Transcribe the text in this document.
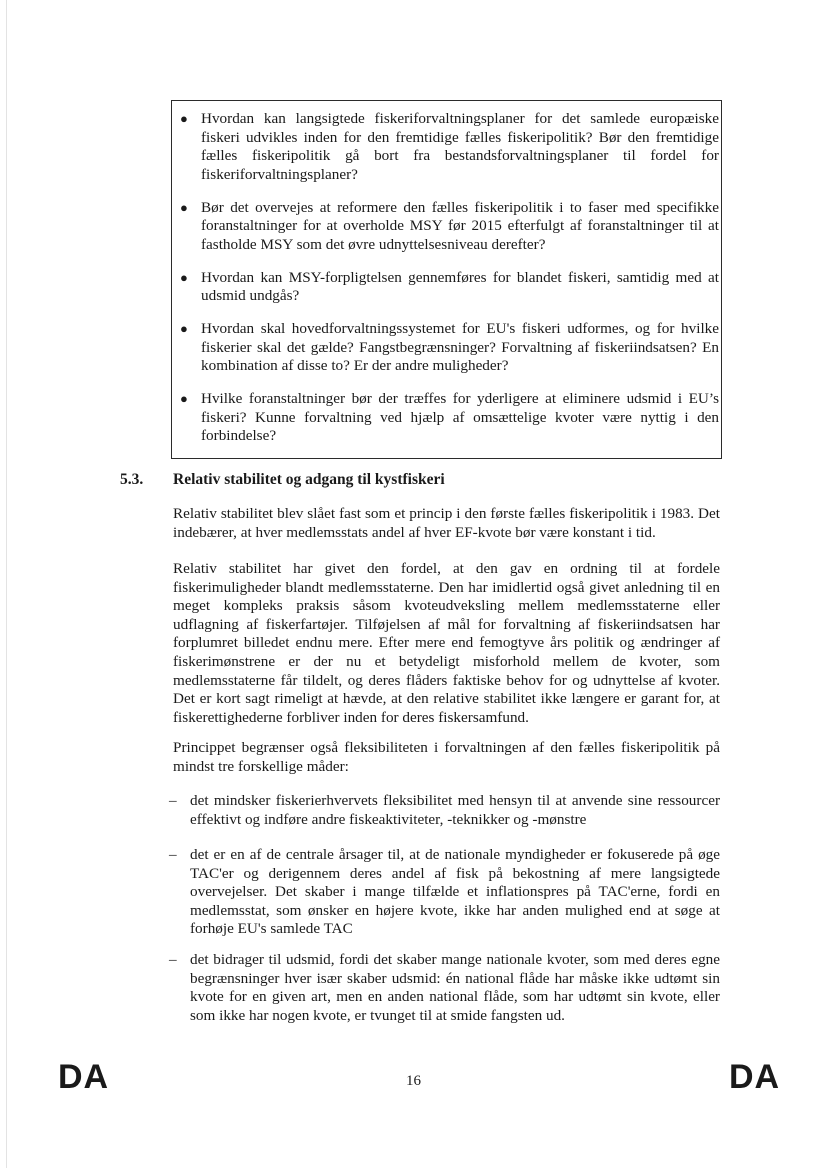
● Hvordan kan langsigtede fiskeriforvaltningsplaner for det samlede europæiske fiskeri udvikles inden for den fremtidige fælles fiskeripolitik? Bør den fremtidige fælles fiskeripolitik gå bort fra bestandsforvaltningsplaner til fordel for fiskeriforvaltningsplaner?
● Bør det overvejes at reformere den fælles fiskeripolitik i to faser med specifikke foranstaltninger for at overholde MSY før 2015 efterfulgt af foranstaltninger til at fastholde MSY som det øvre udnyttelsesniveau derefter?
● Hvordan kan MSY-forpligtelsen gennemføres for blandet fiskeri, samtidig med at udsmid undgås?
● Hvordan skal hovedforvaltningssystemet for EU's fiskeri udformes, og for hvilke fiskerier skal det gælde? Fangstbegrænsninger? Forvaltning af fiskeriindsatsen? En kombination af disse to? Er der andre muligheder?
● Hvilke foranstaltninger bør der træffes for yderligere at eliminere udsmid i EU’s fiskeri? Kunne forvaltning ved hjælp af omsættelige kvoter være nyttig i den forbindelse?
5.3. Relativ stabilitet og adgang til kystfiskeri

Relativ stabilitet blev slået fast som et princip i den første fælles fiskeripolitik i 1983. Det indebærer, at hver medlemsstats andel af hver EF-kvote bør være konstant i tid.

Relativ stabilitet har givet den fordel, at den gav en ordning til at fordele fiskerimuligheder blandt medlemsstaterne. Den har imidlertid også givet anledning til en meget kompleks praksis såsom kvoteudveksling mellem medlemsstaterne eller udflagning af fiskerfartøjer. Tilføjelsen af mål for forvaltning af fiskeriindsatsen har forplumret billedet endnu mere. Efter mere end femogtyve års politik og ændringer af fiskerimønstrene er der nu et betydeligt misforhold mellem de kvoter, som medlemsstaterne får tildelt, og deres flåders faktiske behov for og udnyttelse af kvoter. Det er kort sagt rimeligt at hævde, at den relative stabilitet ikke længere er garant for, at fiskerettighederne forbliver inden for deres fiskersamfund.

Princippet begrænser også fleksibiliteten i forvaltningen af den fælles fiskeripolitik på mindst tre forskellige måder:

– det mindsker fiskerierhvervets fleksibilitet med hensyn til at anvende sine ressourcer effektivt og indføre andre fiskeaktiviteter, -teknikker og -mønstre
– det er en af de centrale årsager til, at de nationale myndigheder er fokuserede på øge TAC'er og derigennem deres andel af fisk på bekostning af mere langsigtede overvejelser. Det skaber i mange tilfælde et inflationspres på TAC'erne, fordi en medlemsstat, som ønsker en højere kvote, ikke har anden mulighed end at søge at forhøje EU's samlede TAC
– det bidrager til udsmid, fordi det skaber mange nationale kvoter, som med deres egne begrænsninger hver især skaber udsmid: én national flåde har måske ikke udtømt sin kvote for en given art, men en anden national flåde, som har udtømt sin kvote, eller som ikke har nogen kvote, er tvunget til at smide fangsten ud.
DA	16	DA
